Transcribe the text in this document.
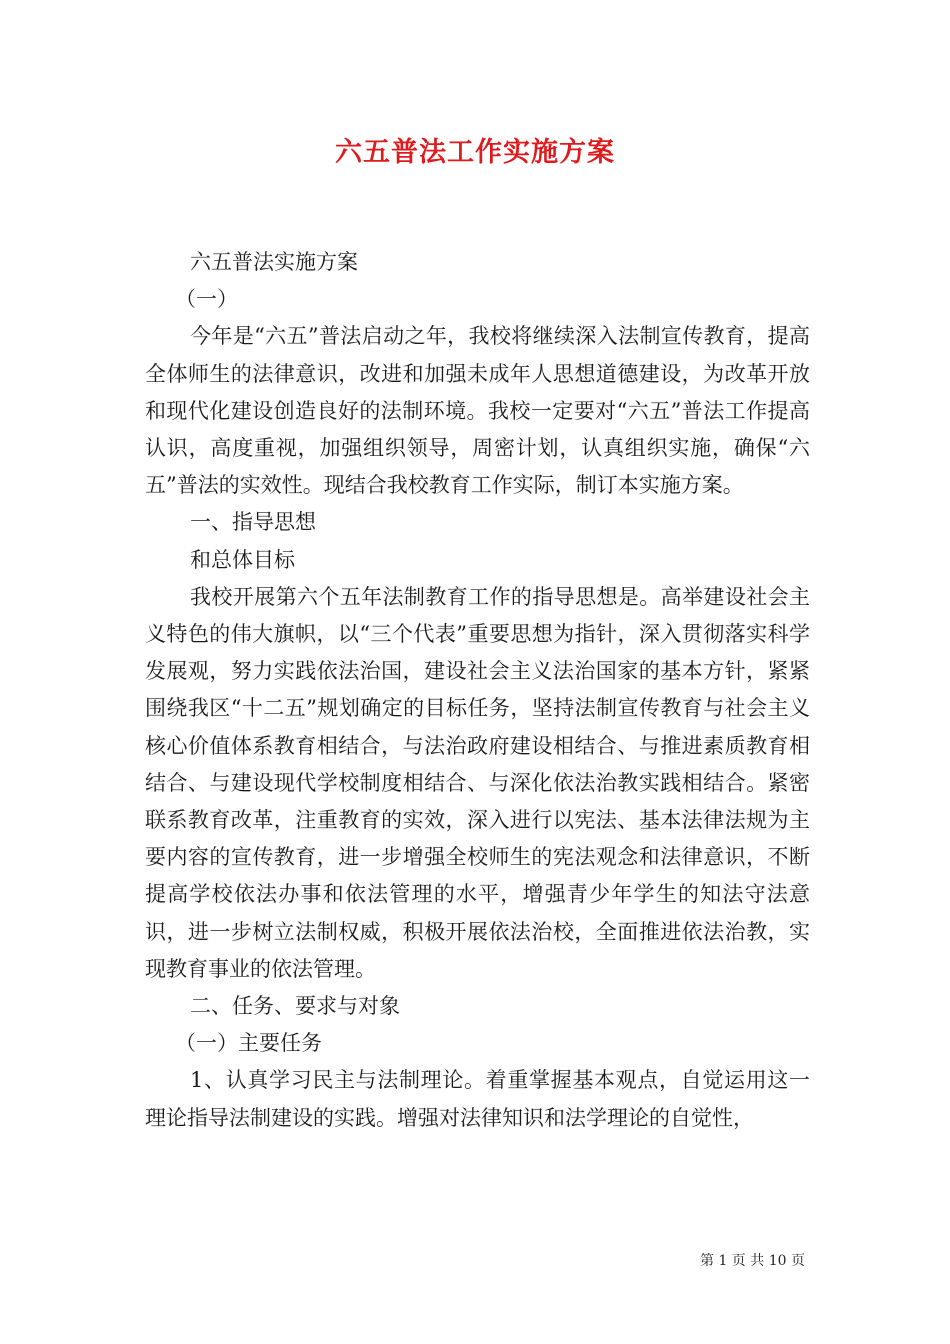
六五普法工作实施方案

六五普法实施方案

（一）

今年是“六五”普法启动之年，我校将继续深入法制宣传教育，提高全体师生的法律意识，改进和加强未成年人思想道德建设，为改革开放和现代化建设创造良好的法制环境。我校一定要对“六五”普法工作提高认识，高度重视，加强组织领导，周密计划，认真组织实施，确保“六五”普法的实效性。现结合我校教育工作实际，制订本实施方案。

一、指导思想

和总体目标

我校开展第六个五年法制教育工作的指导思想是。高举建设社会主义特色的伟大旗帜，以“三个代表”重要思想为指针，深入贯彻落实科学发展观，努力实践依法治国，建设社会主义法治国家的基本方针，紧紧围绕我区“十二五”规划确定的目标任务，坚持法制宣传教育与社会主义核心价值体系教育相结合，与法治政府建设相结合、与推进素质教育相结合、与建设现代学校制度相结合、与深化依法治教实践相结合。紧密联系教育改革，注重教育的实效，深入进行以宪法、基本法律法规为主要内容的宣传教育，进一步增强全校师生的宪法观念和法律意识，不断提高学校依法办事和依法管理的水平，增强青少年学生的知法守法意识，进一步树立法制权威，积极开展依法治校，全面推进依法治教，实现教育事业的依法管理。

二、任务、要求与对象

（一）主要任务

1、认真学习民主与法制理论。着重掌握基本观点，自觉运用这一理论指导法制建设的实践。增强对法律知识和法学理论的自觉性，

第 1 页 共 10 页
